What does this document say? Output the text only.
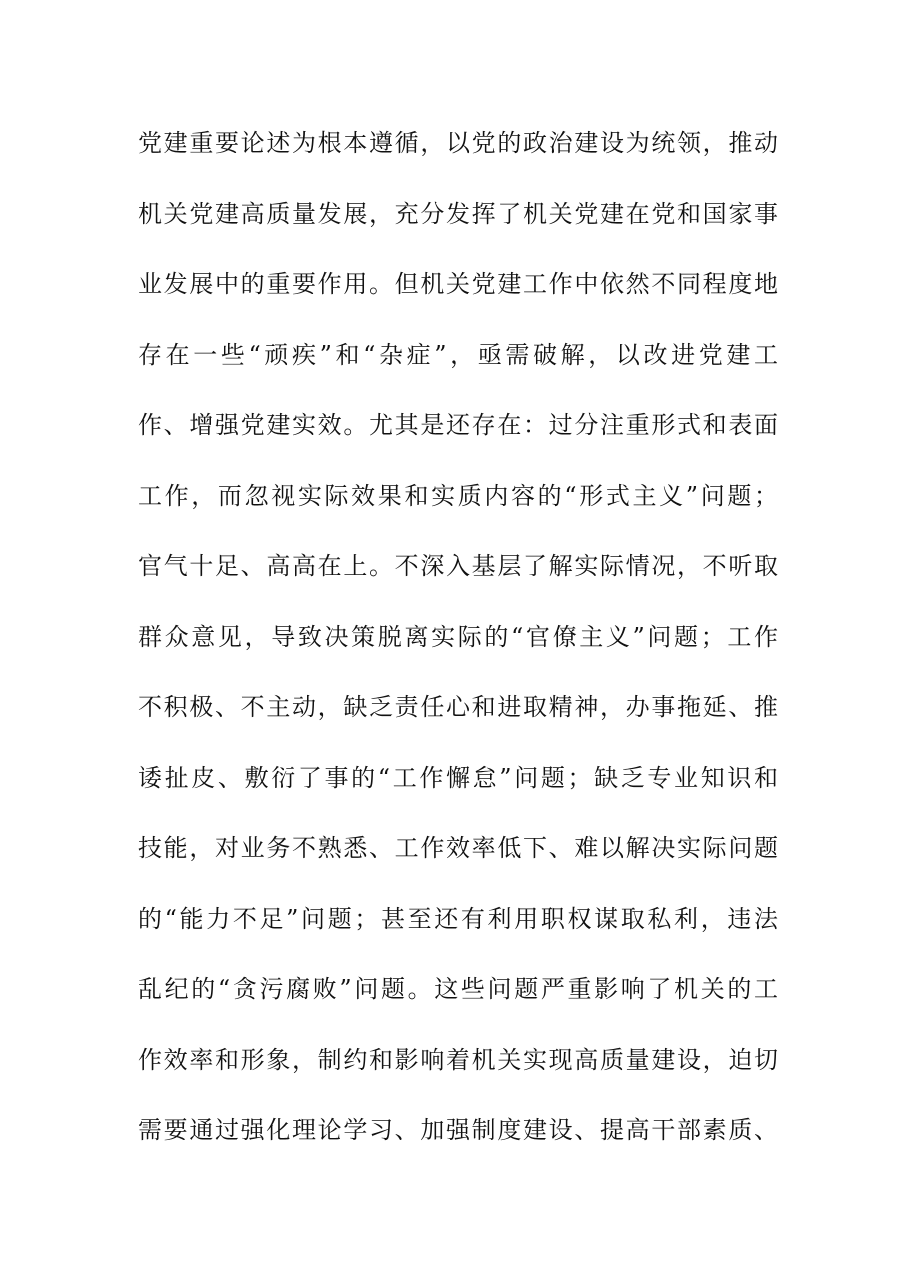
党建重要论述为根本遵循，以党的政治建设为统领，推动
机关党建高质量发展，充分发挥了机关党建在党和国家事
业发展中的重要作用。但机关党建工作中依然不同程度地
存在一些“顽疾”和“杂症”，亟需破解，以改进党建工
作、增强党建实效。尤其是还存在：过分注重形式和表面
工作，而忽视实际效果和实质内容的“形式主义”问题；
官气十足、高高在上。不深入基层了解实际情况，不听取
群众意见，导致决策脱离实际的“官僚主义”问题；工作
不积极、不主动，缺乏责任心和进取精神，办事拖延、推
诿扯皮、敷衍了事的“工作懈怠”问题；缺乏专业知识和
技能，对业务不熟悉、工作效率低下、难以解决实际问题
的“能力不足”问题；甚至还有利用职权谋取私利，违法
乱纪的“贪污腐败”问题。这些问题严重影响了机关的工
作效率和形象，制约和影响着机关实现高质量建设，迫切
需要通过强化理论学习、加强制度建设、提高干部素质、
